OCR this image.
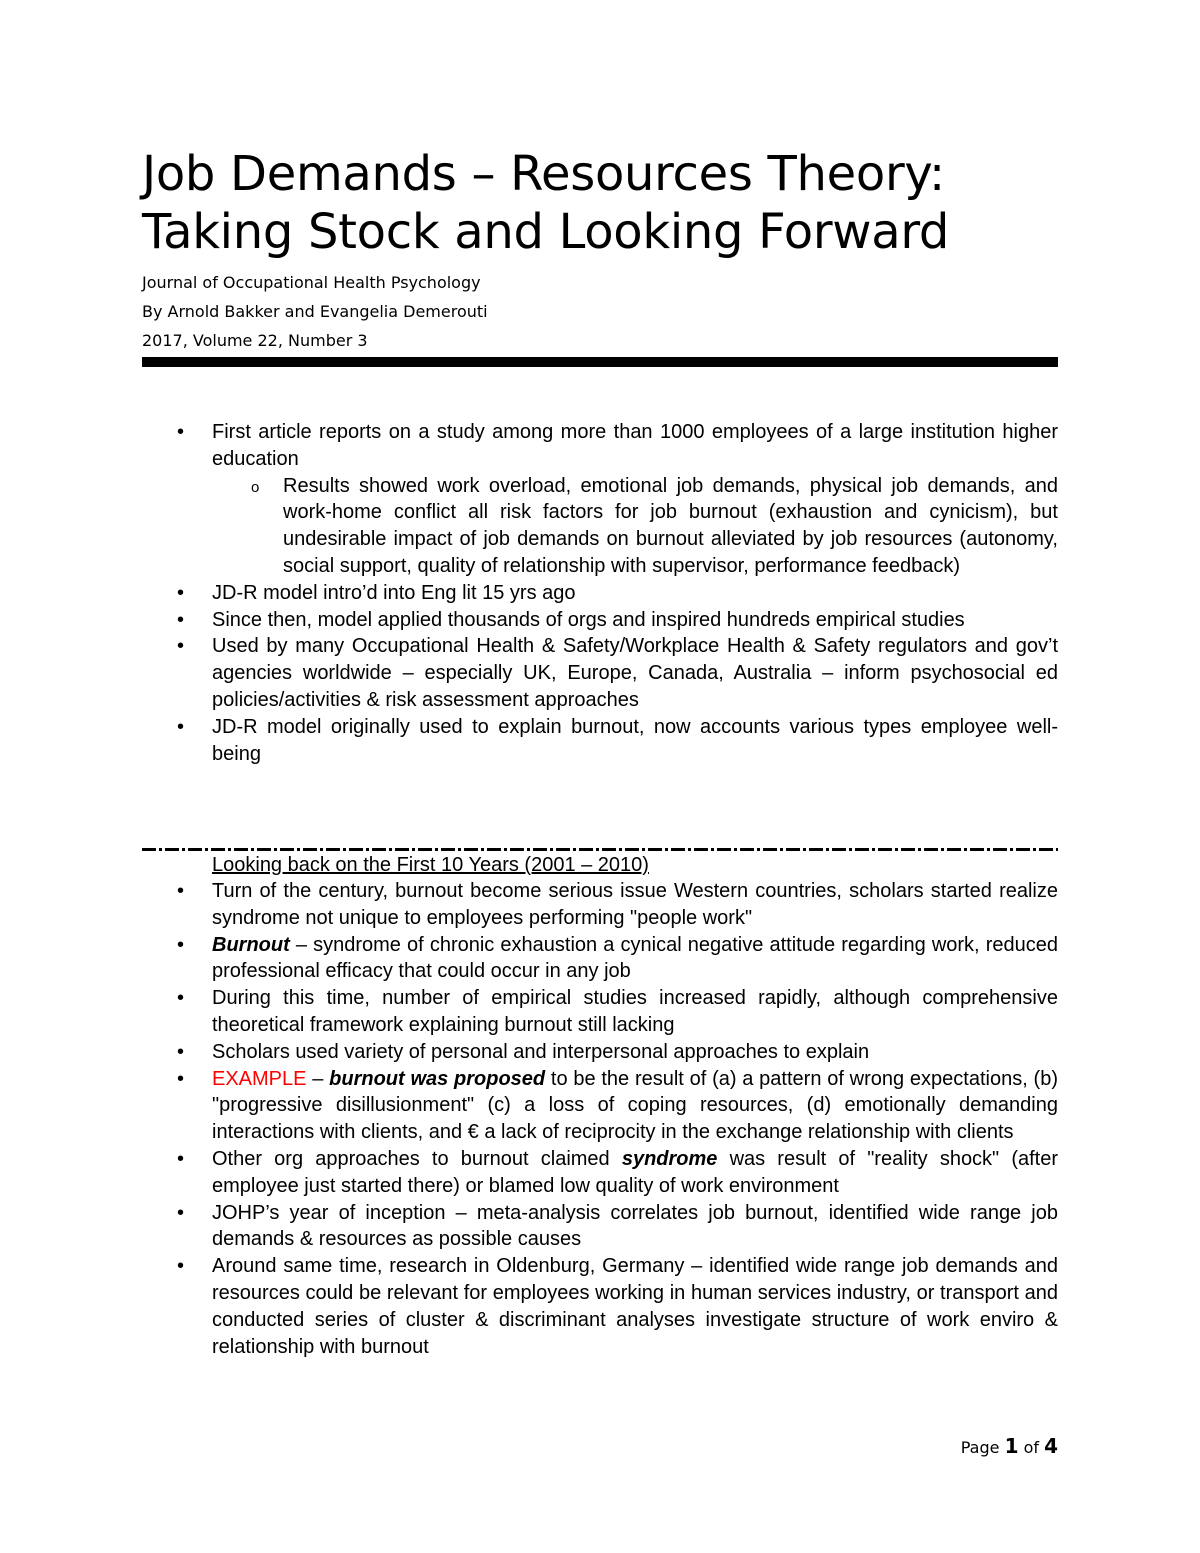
Job Demands – Resources Theory:
Taking Stock and Looking Forward
Journal of Occupational Health Psychology
By Arnold Bakker and Evangelia Demerouti
2017, Volume 22, Number 3
• First article reports on a study among more than 1000 employees of a large institution higher education
o Results showed work overload, emotional job demands, physical job demands, and work-home conflict all risk factors for job burnout (exhaustion and cynicism), but undesirable impact of job demands on burnout alleviated by job resources (autonomy, social support, quality of relationship with supervisor, performance feedback)
• JD-R model intro’d into Eng lit 15 yrs ago
• Since then, model applied thousands of orgs and inspired hundreds empirical studies
• Used by many Occupational Health & Safety/Workplace Health & Safety regulators and gov’t agencies worldwide – especially UK, Europe, Canada, Australia – inform psychosocial ed policies/activities & risk assessment approaches
• JD-R model originally used to explain burnout, now accounts various types employee well-being
Looking back on the First 10 Years (2001 – 2010)
• Turn of the century, burnout become serious issue Western countries, scholars started realize syndrome not unique to employees performing "people work"
• Burnout – syndrome of chronic exhaustion a cynical negative attitude regarding work, reduced professional efficacy that could occur in any job
• During this time, number of empirical studies increased rapidly, although comprehensive theoretical framework explaining burnout still lacking
• Scholars used variety of personal and interpersonal approaches to explain
• EXAMPLE – burnout was proposed to be the result of (a) a pattern of wrong expectations, (b) "progressive disillusionment" (c) a loss of coping resources, (d) emotionally demanding interactions with clients, and € a lack of reciprocity in the exchange relationship with clients
• Other org approaches to burnout claimed syndrome was result of "reality shock" (after employee just started there) or blamed low quality of work environment
• JOHP’s year of inception – meta-analysis correlates job burnout, identified wide range job demands & resources as possible causes
• Around same time, research in Oldenburg, Germany – identified wide range job demands and resources could be relevant for employees working in human services industry, or transport and conducted series of cluster & discriminant analyses investigate structure of work enviro & relationship with burnout
Page 1 of 4
